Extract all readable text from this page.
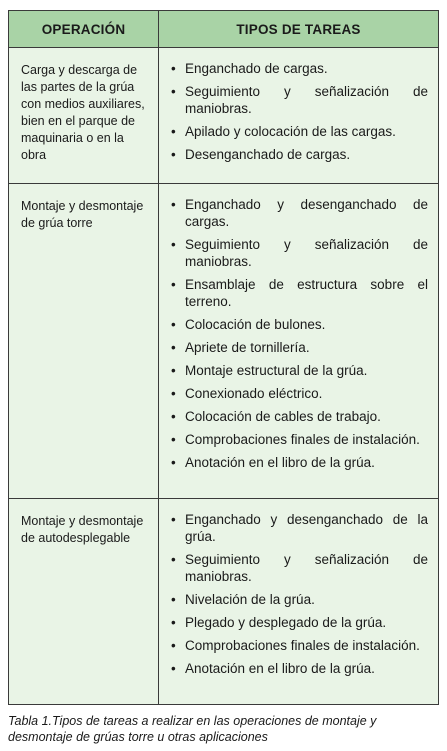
OPERACIÓN	TIPOS DE TAREAS
Carga y descarga de las partes de la grúa con medios auxiliares, bien en el parque de maquinaria o en la obra
• Enganchado de cargas.
• Seguimiento y señalización de maniobras.
• Apilado y colocación de las cargas.
• Desenganchado de cargas.
Montaje y desmontaje de grúa torre
• Enganchado y desenganchado de cargas.
• Seguimiento y señalización de maniobras.
• Ensamblaje de estructura sobre el terreno.
• Colocación de bulones.
• Apriete de tornillería.
• Montaje estructural de la grúa.
• Conexionado eléctrico.
• Colocación de cables de trabajo.
• Comprobaciones finales de instalación.
• Anotación en el libro de la grúa.
Montaje y desmontaje de autodesplegable
• Enganchado y desenganchado de la grúa.
• Seguimiento y señalización de maniobras.
• Nivelación de la grúa.
• Plegado y desplegado de la grúa.
• Comprobaciones finales de instalación.
• Anotación en el libro de la grúa.
Tabla 1.Tipos de tareas a realizar en las operaciones de montaje y desmontaje de grúas torre u otras aplicaciones
